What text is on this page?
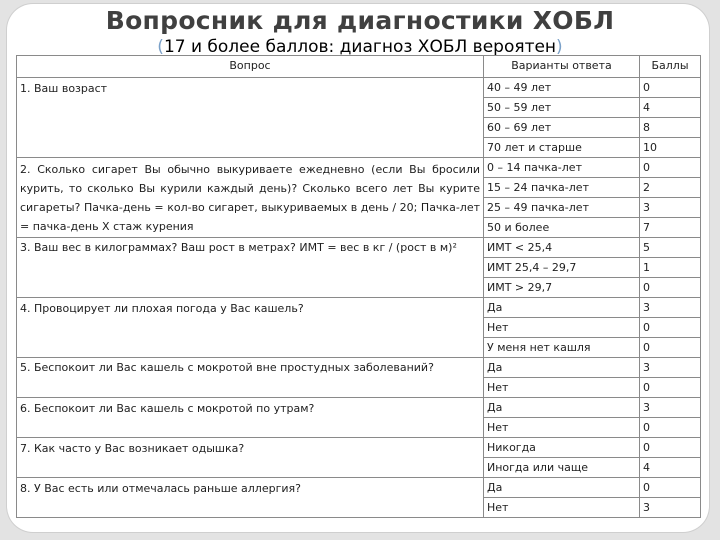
Вопросник для диагностики ХОБЛ
(17 и более баллов: диагноз ХОБЛ вероятен)
Вопрос	Варианты ответа	Баллы
1. Ваш возраст	40 – 49 лет	0
	50 – 59 лет	4
	60 – 69 лет	8
	70 лет и старше	10
2. Сколько сигарет Вы обычно выкуриваете ежедневно (если Вы бросили курить, то сколько Вы курили каждый день)? Сколько всего лет Вы курите сигареты? Пачка-день = кол-во сигарет, выкуриваемых в день / 20; Пачка-лет = пачка-день Х стаж курения	0 – 14 пачка-лет	0
	15 – 24 пачка-лет	2
	25 – 49 пачка-лет	3
	50 и более	7
3. Ваш вес в килограммах? Ваш рост в метрах? ИМТ = вес в кг / (рост в м)²	ИМТ < 25,4	5
	ИМТ 25,4 – 29,7	1
	ИМТ > 29,7	0
4. Провоцирует ли плохая погода у Вас кашель?	Да	3
	Нет	0
	У меня нет кашля	0
5. Беспокоит ли Вас кашель с мокротой вне простудных заболеваний?	Да	3
	Нет	0
6. Беспокоит ли Вас кашель с мокротой по утрам?	Да	3
	Нет	0
7. Как часто у Вас возникает одышка?	Никогда	0
	Иногда или чаще	4
8. У Вас есть или отмечалась раньше аллергия?	Да	0
	Нет	3
